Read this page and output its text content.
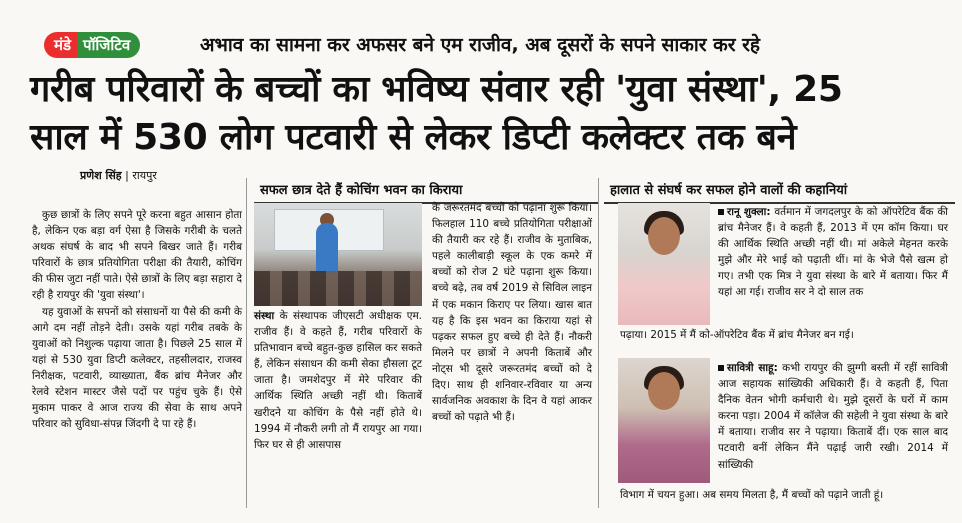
मंडे पॉजिटिव	अभाव का सामना कर अफसर बने एम राजीव, अब दूसरों के सपने साकार कर रहे
गरीब परिवारों के बच्चों का भविष्य संवार रही 'युवा संस्था', 25
साल में 530 लोग पटवारी से लेकर डिप्टी कलेक्टर तक बने
प्रणेश सिंह | रायपुर
सफल छात्र देते हैं कोचिंग भवन का किराया	हालात से संघर्ष कर सफल होने वालों की कहानियां

कुछ छात्रों के लिए सपने पूरे करना बहुत आसान होता है, लेकिन एक बड़ा वर्ग ऐसा है जिसके गरीबी के चलते अथक संघर्ष के बाद भी सपने बिखर जाते हैं। गरीब परिवारों के छात्र प्रतियोगिता परीक्षा की तैयारी, कोचिंग की फीस जुटा नहीं पाते। ऐसे छात्रों के लिए बड़ा सहारा दे रही है रायपुर की 'युवा संस्था'।

यह युवाओं के सपनों को संसाधनों या पैसे की कमी के आगे दम नहीं तोड़ने देती। उसके यहां गरीब तबके के युवाओं को निशुल्क पढ़ाया जाता है। पिछले 25 साल में यहां से 530 युवा डिप्टी कलेक्टर, तहसीलदार, राजस्व निरीक्षक, पटवारी, व्याख्याता, बैंक ब्रांच मैनेजर और रेलवे स्टेशन मास्टर जैसे पदों पर पहुंच चुके हैं। ऐसे मुकाम पाकर वे आज राज्य की सेवा के साथ अपने परिवार को सुविधा-संपन्न जिंदगी दे पा रहे हैं।

संस्था के संस्थापक जीएसटी अधीक्षक एम. राजीव हैं। वे कहते हैं, गरीब परिवारों के प्रतिभावान बच्चे बहुत-कुछ हासिल कर सकते हैं, लेकिन संसाधन की कमी सेका हौसला टूट जाता है। जमशेदपुर में मेरे परिवार की आर्थिक स्थिति अच्छी नहीं थी। किताबें खरीदने या कोचिंग के पैसे नहीं होते थे। 1994 में नौकरी लगी तो मैं रायपुर आ गया। फिर घर से ही आसपास
के जरूरतमंद बच्चों को पढ़ाना शुरू किया। फिलहाल 110 बच्चे प्रतियोगिता परीक्षाओं की तैयारी कर रहे हैं। राजीव के मुताबिक, पहले कालीबाड़ी स्कूल के एक कमरे में बच्चों को रोज 2 घंटे पढ़ाना शुरू किया। बच्चे बढ़े, तब वर्ष 2019 से सिविल लाइन में एक मकान किराए पर लिया। खास बात यह है कि इस भवन का किराया यहां से पढ़कर सफल हुए बच्चे ही देते हैं। नौकरी मिलने पर छात्रों ने अपनी किताबें और नोट्स भी दूसरे जरूरतमंद बच्चों को दे दिए। साथ ही शनिवार-रविवार या अन्य सार्वजनिक अवकाश के दिन वे यहां आकर बच्चों को पढ़ाते भी हैं।
रानू शुक्ला: वर्तमान में जगदलपुर के को ऑपरेटिव बैंक की ब्रांच मैनेजर हैं। वे कहती हैं, 2013 में एम कॉम किया। घर की आर्थिक स्थिति अच्छी नहीं थी। मां अकेले मेहनत करके मुझे और मेरे भाई को पढ़ाती थीं। मां के भेजे पैसे खत्म हो गए। तभी एक मित्र ने युवा संस्था के बारे में बताया। फिर मैं यहां आ गई। राजीव सर ने दो साल तक
पढ़ाया। 2015 में मैं को-ऑपरेटिव बैंक में ब्रांच मैनेजर बन गई।
सावित्री साहू: कभी रायपुर की झुग्गी बस्ती में रहीं सावित्री आज सहायक सांख्यिकी अधिकारी हैं। वे कहती हैं, पिता दैनिक वेतन भोगी कर्मचारी थे। मुझे दूसरों के घरों में काम करना पड़ा। 2004 में कॉलेज की सहेली ने युवा संस्था के बारे में बताया। राजीव सर ने पढ़ाया। किताबें दीं। एक साल बाद पटवारी बनीं लेकिन मैंने पढ़ाई जारी रखी। 2014 में सांख्यिकी
विभाग में चयन हुआ। अब समय मिलता है, मैं बच्चों को पढ़ाने जाती हूं।
